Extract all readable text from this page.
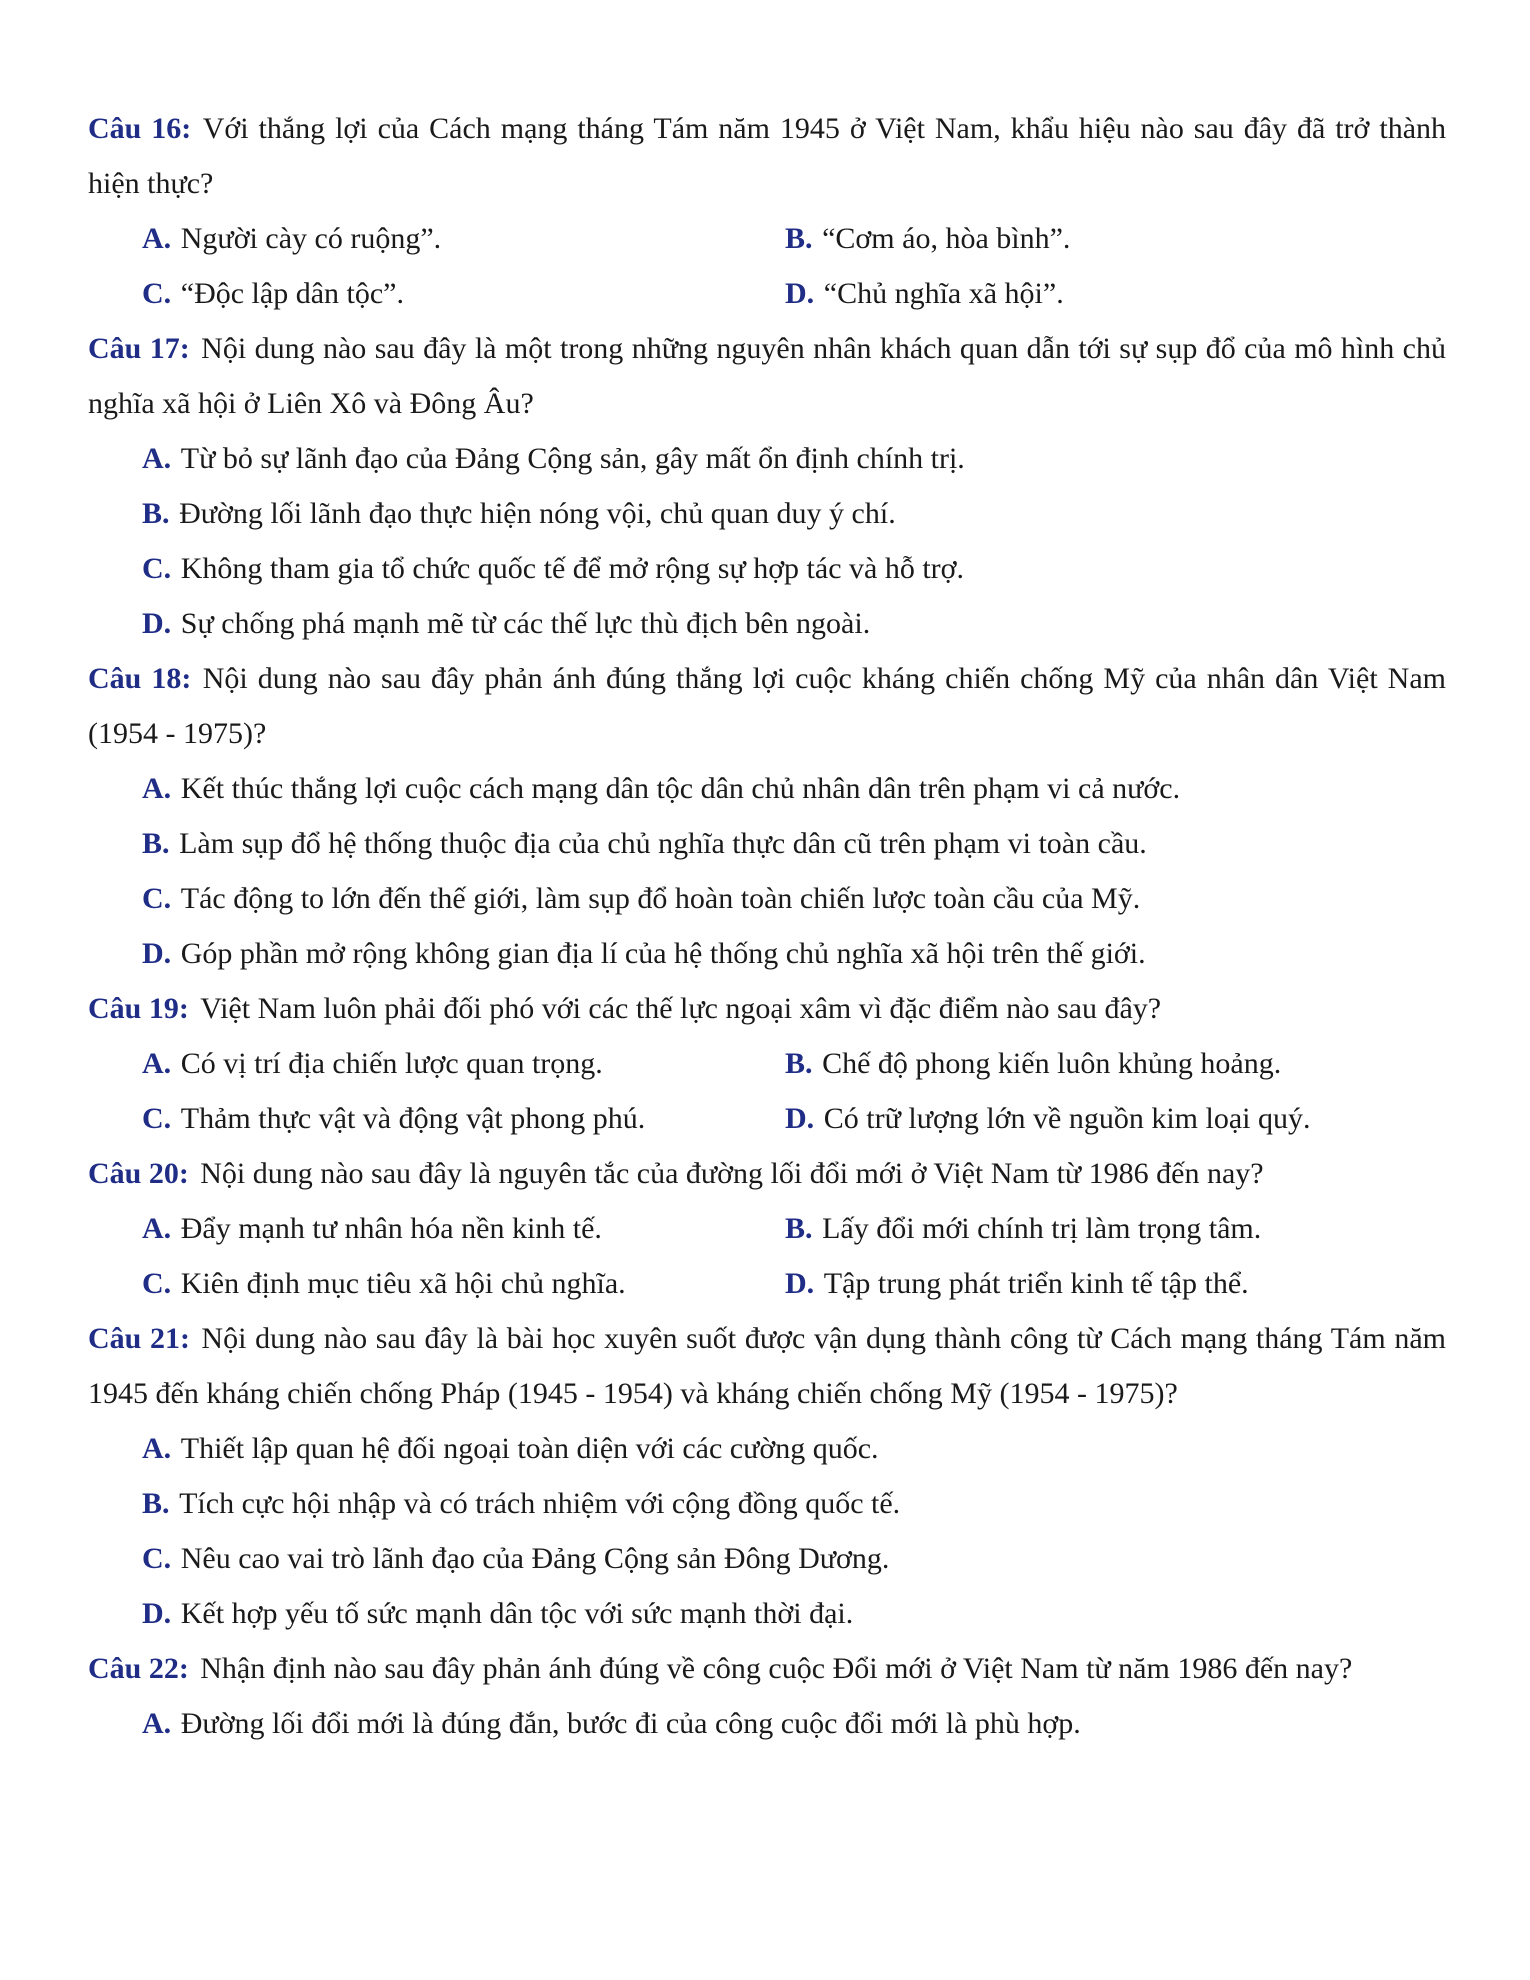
Câu 16: Với thắng lợi của Cách mạng tháng Tám năm 1945 ở Việt Nam, khẩu hiệu nào sau đây đã trở thành hiện thực?

A. Người cày có ruộng”.	B. “Cơm áo, hòa bình”.
C. “Độc lập dân tộc”.	D. “Chủ nghĩa xã hội”.

Câu 17: Nội dung nào sau đây là một trong những nguyên nhân khách quan dẫn tới sự sụp đổ của mô hình chủ nghĩa xã hội ở Liên Xô và Đông Âu?

A. Từ bỏ sự lãnh đạo của Đảng Cộng sản, gây mất ổn định chính trị.
B. Đường lối lãnh đạo thực hiện nóng vội, chủ quan duy ý chí.
C. Không tham gia tổ chức quốc tế để mở rộng sự hợp tác và hỗ trợ.
D. Sự chống phá mạnh mẽ từ các thế lực thù địch bên ngoài.

Câu 18: Nội dung nào sau đây phản ánh đúng thắng lợi cuộc kháng chiến chống Mỹ của nhân dân Việt Nam (1954 - 1975)?

A. Kết thúc thắng lợi cuộc cách mạng dân tộc dân chủ nhân dân trên phạm vi cả nước.
B. Làm sụp đổ hệ thống thuộc địa của chủ nghĩa thực dân cũ trên phạm vi toàn cầu.
C. Tác động to lớn đến thế giới, làm sụp đổ hoàn toàn chiến lược toàn cầu của Mỹ.
D. Góp phần mở rộng không gian địa lí của hệ thống chủ nghĩa xã hội trên thế giới.

Câu 19: Việt Nam luôn phải đối phó với các thế lực ngoại xâm vì đặc điểm nào sau đây?

A. Có vị trí địa chiến lược quan trọng.	B. Chế độ phong kiến luôn khủng hoảng.
C. Thảm thực vật và động vật phong phú.	D. Có trữ lượng lớn về nguồn kim loại quý.

Câu 20: Nội dung nào sau đây là nguyên tắc của đường lối đổi mới ở Việt Nam từ 1986 đến nay?

A. Đẩy mạnh tư nhân hóa nền kinh tế.	B. Lấy đổi mới chính trị làm trọng tâm.
C. Kiên định mục tiêu xã hội chủ nghĩa.	D. Tập trung phát triển kinh tế tập thể.

Câu 21: Nội dung nào sau đây là bài học xuyên suốt được vận dụng thành công từ Cách mạng tháng Tám năm 1945 đến kháng chiến chống Pháp (1945 - 1954) và kháng chiến chống Mỹ (1954 - 1975)?

A. Thiết lập quan hệ đối ngoại toàn diện với các cường quốc.
B. Tích cực hội nhập và có trách nhiệm với cộng đồng quốc tế.
C. Nêu cao vai trò lãnh đạo của Đảng Cộng sản Đông Dương.
D. Kết hợp yếu tố sức mạnh dân tộc với sức mạnh thời đại.

Câu 22: Nhận định nào sau đây phản ánh đúng về công cuộc Đổi mới ở Việt Nam từ năm 1986 đến nay?

A. Đường lối đổi mới là đúng đắn, bước đi của công cuộc đổi mới là phù hợp.
